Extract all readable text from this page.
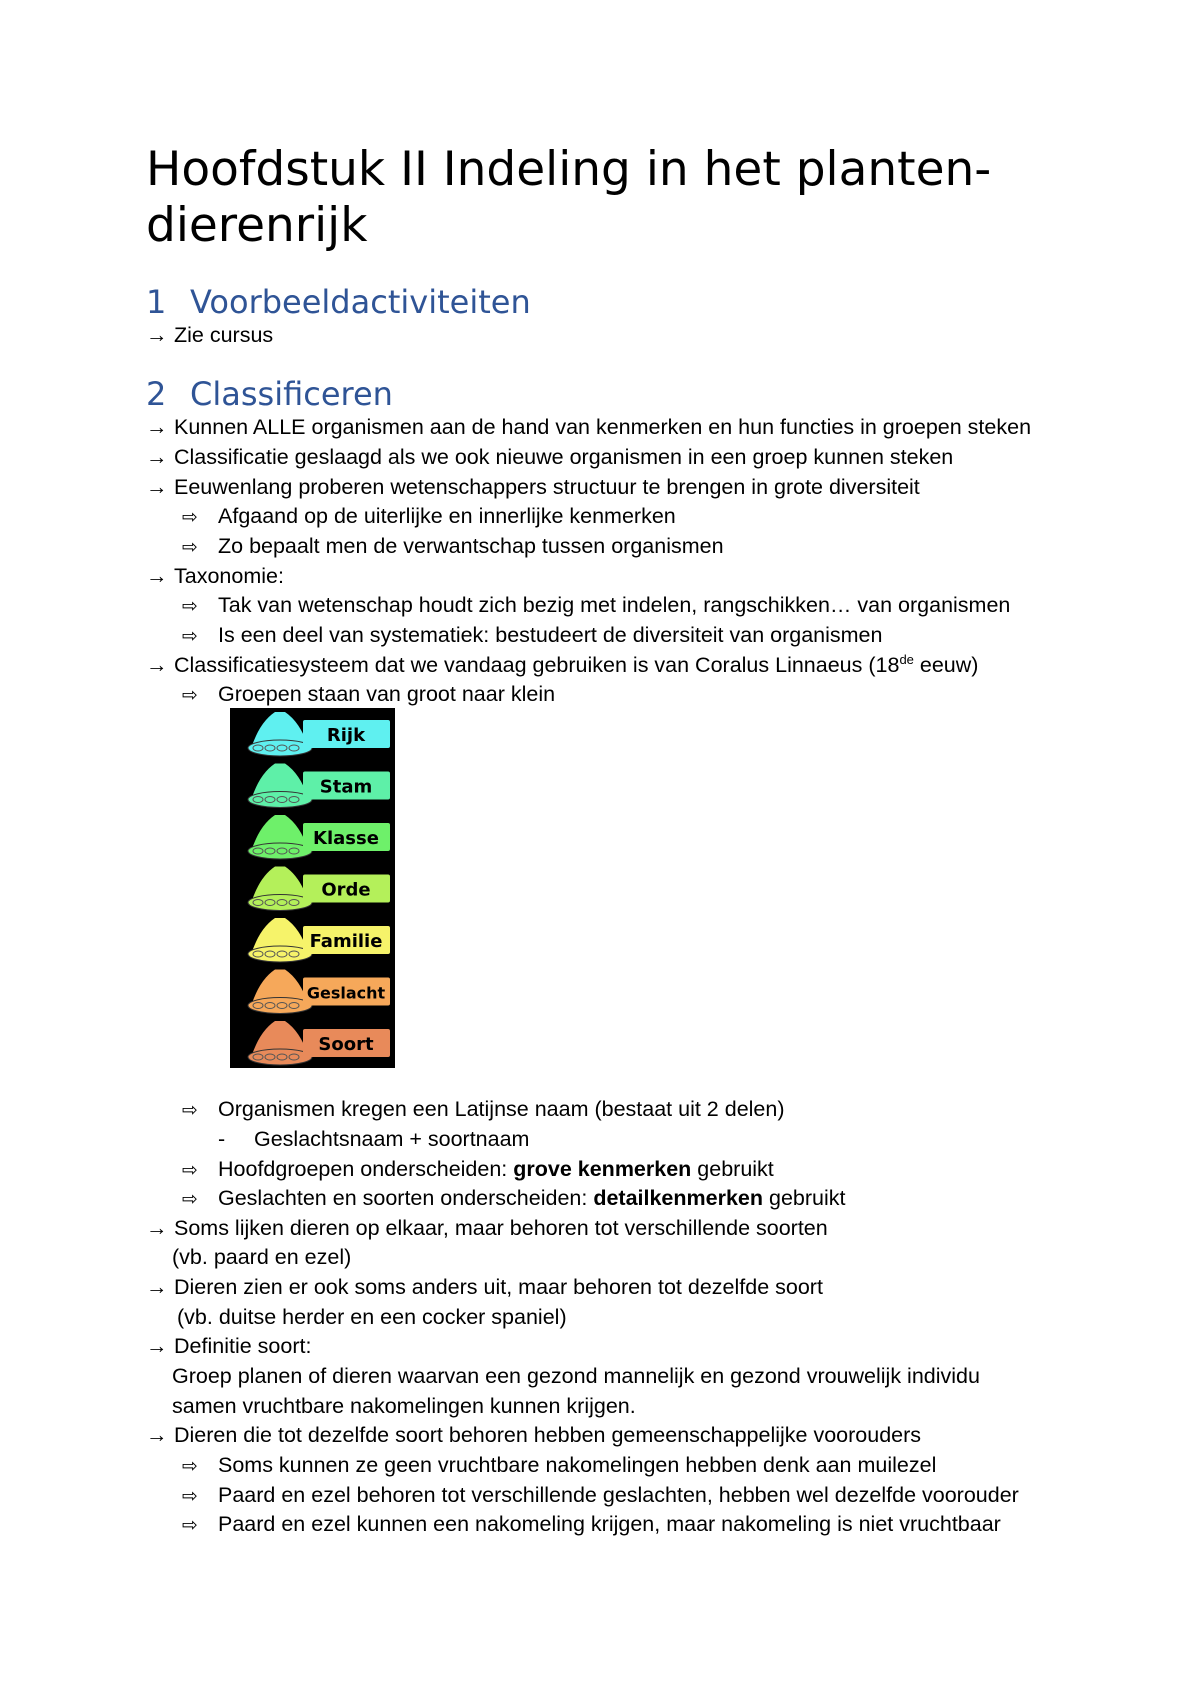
Hoofdstuk II Indeling in het planten-dierenrijk
1 Voorbeeldactiviteiten
→ Zie cursus
2 Classificeren
→ Kunnen ALLE organismen aan de hand van kenmerken en hun functies in groepen steken
→ Classificatie geslaagd als we ook nieuwe organismen in een groep kunnen steken
→ Eeuwenlang proberen wetenschappers structuur te brengen in grote diversiteit
⇨ Afgaand op de uiterlijke en innerlijke kenmerken
⇨ Zo bepaalt men de verwantschap tussen organismen
→ Taxonomie:
⇨ Tak van wetenschap houdt zich bezig met indelen, rangschikken… van organismen
⇨ Is een deel van systematiek: bestudeert de diversiteit van organismen
→ Classificatiesysteem dat we vandaag gebruiken is van Coralus Linnaeus (18de eeuw)
⇨ Groepen staan van groot naar klein
Rijk
Stam
Klasse
Orde
Familie
Geslacht
Soort
⇨ Organismen kregen een Latijnse naam (bestaat uit 2 delen)
- Geslachtsnaam + soortnaam
⇨ Hoofdgroepen onderscheiden: grove kenmerken gebruikt
⇨ Geslachten en soorten onderscheiden: detailkenmerken gebruikt
→ Soms lijken dieren op elkaar, maar behoren tot verschillende soorten
(vb. paard en ezel)
→ Dieren zien er ook soms anders uit, maar behoren tot dezelfde soort
(vb. duitse herder en een cocker spaniel)
→ Definitie soort:
Groep planen of dieren waarvan een gezond mannelijk en gezond vrouwelijk individu
samen vruchtbare nakomelingen kunnen krijgen.
→ Dieren die tot dezelfde soort behoren hebben gemeenschappelijke voorouders
⇨ Soms kunnen ze geen vruchtbare nakomelingen hebben denk aan muilezel
⇨ Paard en ezel behoren tot verschillende geslachten, hebben wel dezelfde voorouder
⇨ Paard en ezel kunnen een nakomeling krijgen, maar nakomeling is niet vruchtbaar
